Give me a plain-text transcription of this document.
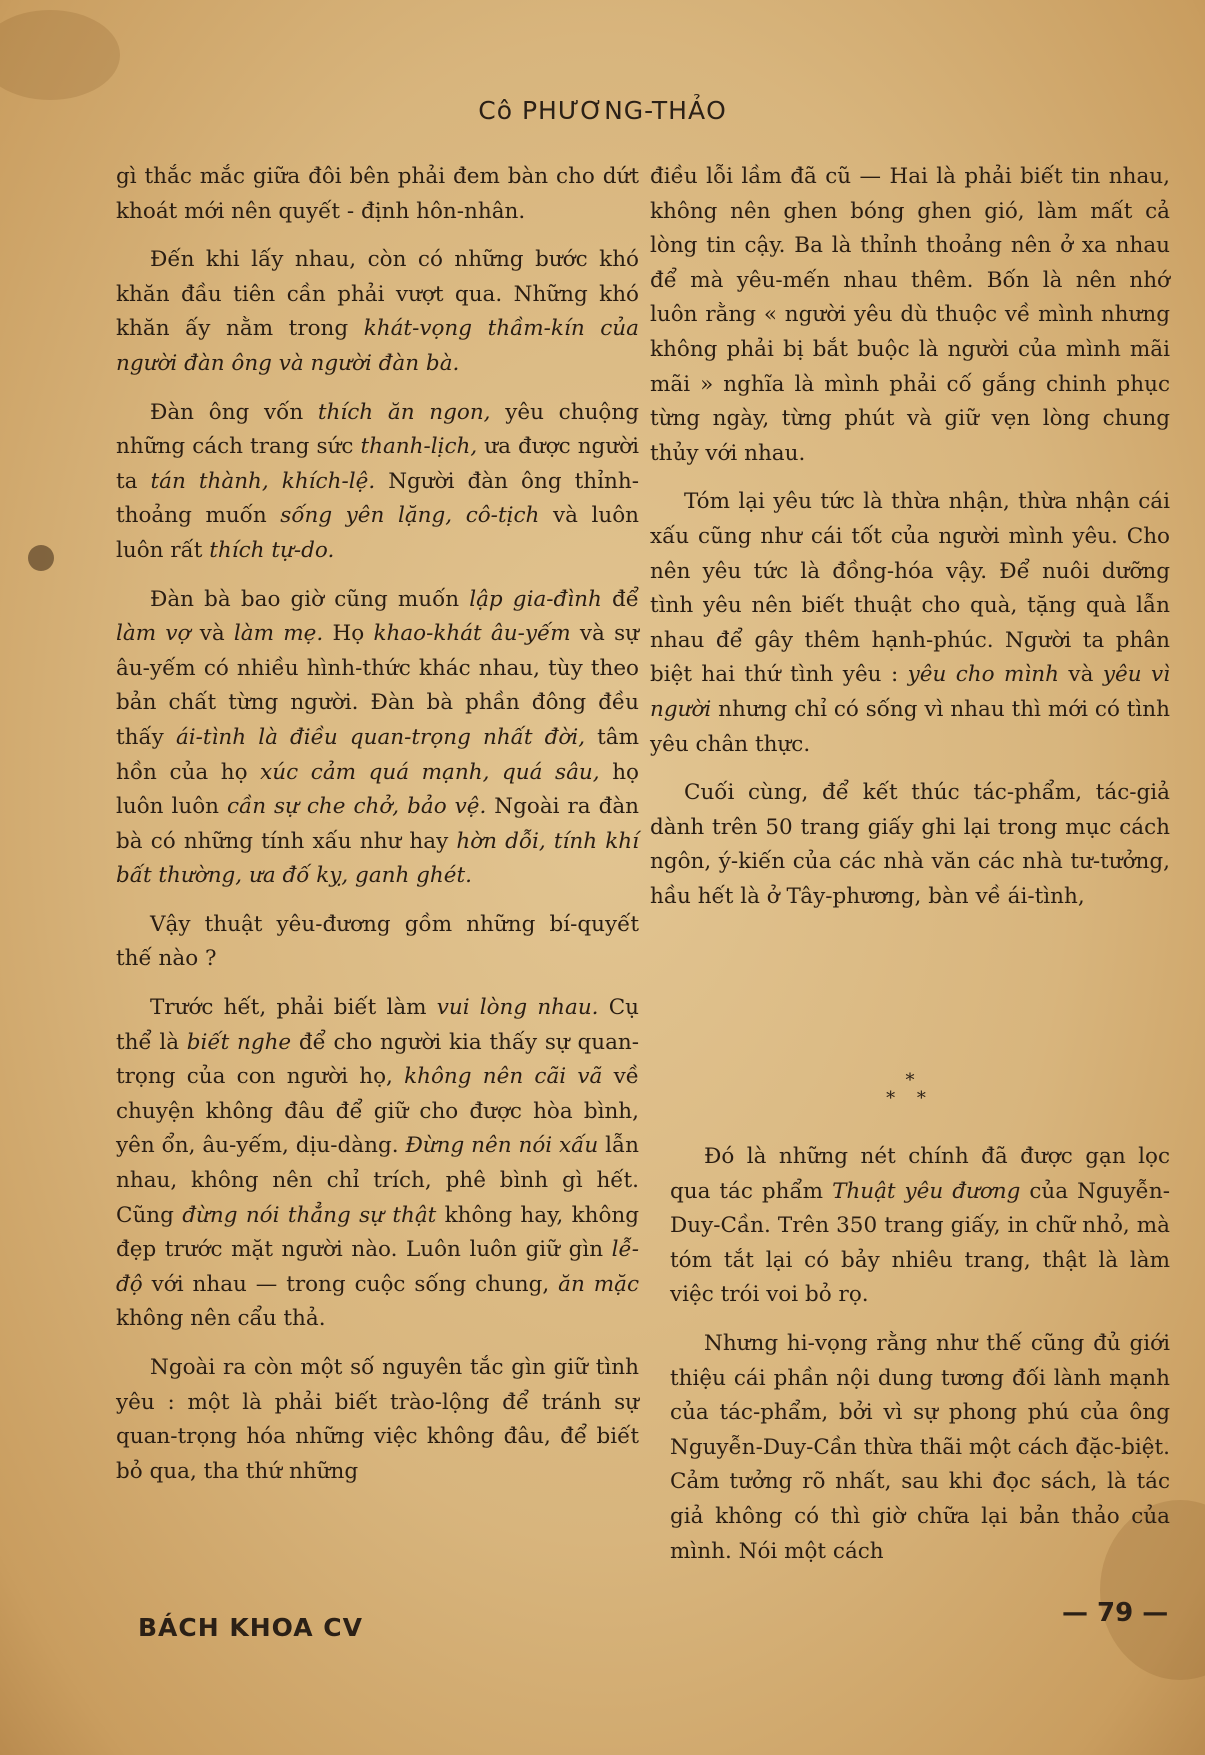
Cô PHƯƠNG-THẢO

gì thắc mắc giữa đôi bên phải đem bàn cho dứt khoát mới nên quyết - định hôn-nhân.

Đến khi lấy nhau, còn có những bước khó khăn đầu tiên cần phải vượt qua. Những khó khăn ấy nằm trong khát-vọng thầm-kín của người đàn ông và người đàn bà.

Đàn ông vốn thích ăn ngon, yêu chuộng những cách trang sức thanh-lịch, ưa được người ta tán thành, khích-lệ. Người đàn ông thỉnh-thoảng muốn sống yên lặng, cô-tịch và luôn luôn rất thích tự-do.

Đàn bà bao giờ cũng muốn lập gia-đình để làm vợ và làm mẹ. Họ khao-khát âu-yếm và sự âu-yếm có nhiều hình-thức khác nhau, tùy theo bản chất từng người. Đàn bà phần đông đều thấy ái-tình là điều quan-trọng nhất đời, tâm hồn của họ xúc cảm quá mạnh, quá sâu, họ luôn luôn cần sự che chở, bảo vệ. Ngoài ra đàn bà có những tính xấu như hay hờn dỗi, tính khí bất thường, ưa đố kỵ, ganh ghét.

Vậy thuật yêu-đương gồm những bí-quyết thế nào ?

Trước hết, phải biết làm vui lòng nhau. Cụ thể là biết nghe để cho người kia thấy sự quan-trọng của con người họ, không nên cãi vã về chuyện không đâu để giữ cho được hòa bình, yên ổn, âu-yếm, dịu-dàng. Đừng nên nói xấu lẫn nhau, không nên chỉ trích, phê bình gì hết. Cũng đừng nói thẳng sự thật không hay, không đẹp trước mặt người nào. Luôn luôn giữ gìn lễ-độ với nhau — trong cuộc sống chung, ăn mặc không nên cẩu thả.

Ngoài ra còn một số nguyên tắc gìn giữ tình yêu : một là phải biết trào-lộng để tránh sự quan-trọng hóa những việc không đâu, để biết bỏ qua, tha thứ những

điều lỗi lầm đã cũ — Hai là phải biết tin nhau, không nên ghen bóng ghen gió, làm mất cả lòng tin cậy. Ba là thỉnh thoảng nên ở xa nhau để mà yêu-mến nhau thêm. Bốn là nên nhớ luôn rằng « người yêu dù thuộc về mình nhưng không phải bị bắt buộc là người của mình mãi mãi » nghĩa là mình phải cố gắng chinh phục từng ngày, từng phút và giữ vẹn lòng chung thủy với nhau.

Tóm lại yêu tức là thừa nhận, thừa nhận cái xấu cũng như cái tốt của người mình yêu. Cho nên yêu tức là đồng-hóa vậy. Để nuôi dưỡng tình yêu nên biết thuật cho quà, tặng quà lẫn nhau để gây thêm hạnh-phúc. Người ta phân biệt hai thứ tình yêu : yêu cho mình và yêu vì người nhưng chỉ có sống vì nhau thì mới có tình yêu chân thực.

Cuối cùng, để kết thúc tác-phẩm, tác-giả dành trên 50 trang giấy ghi lại trong mục cách ngôn, ý-kiến của các nhà văn các nhà tư-tưởng, hầu hết là ở Tây-phương, bàn về ái-tình,

*
* *

Đó là những nét chính đã được gạn lọc qua tác phẩm Thuật yêu đương của Nguyễn-Duy-Cần. Trên 350 trang giấy, in chữ nhỏ, mà tóm tắt lại có bảy nhiêu trang, thật là làm việc trói voi bỏ rọ.

Nhưng hi-vọng rằng như thế cũng đủ giới thiệu cái phần nội dung tương đối lành mạnh của tác-phẩm, bởi vì sự phong phú của ông Nguyễn-Duy-Cần thừa thãi một cách đặc-biệt. Cảm tưởng rõ nhất, sau khi đọc sách, là tác giả không có thì giờ chữa lại bản thảo của mình. Nói một cách

BÁCH KHOA CV	— 79 —
